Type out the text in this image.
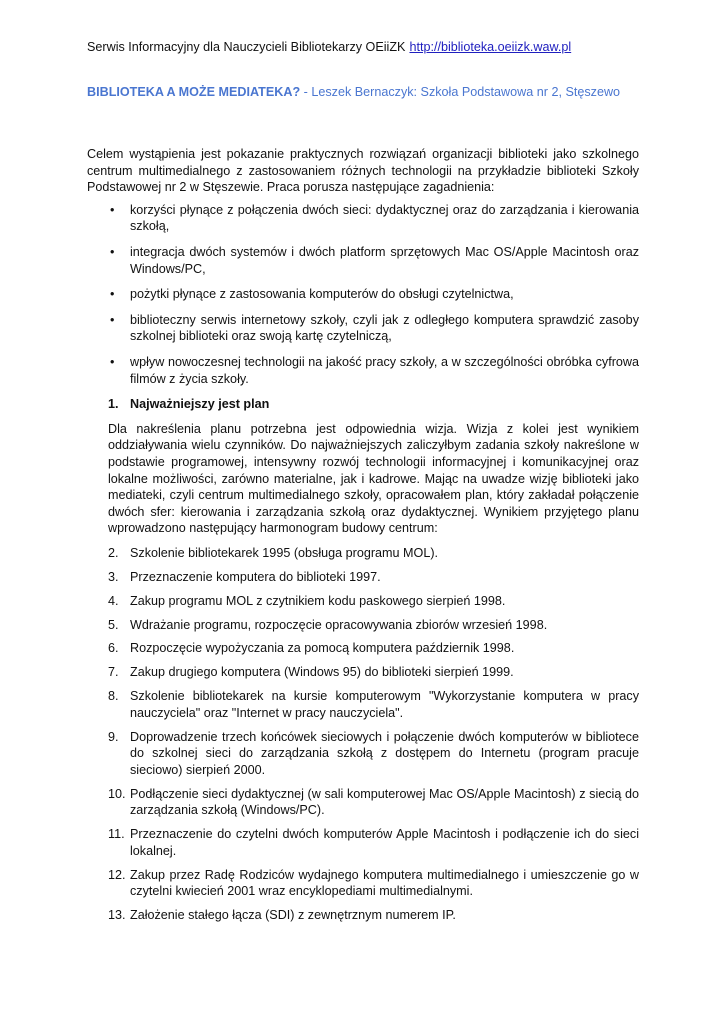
Serwis Informacyjny dla Nauczycieli Bibliotekarzy OEiiZK http://biblioteka.oeiizk.waw.pl
BIBLIOTEKA A MOŻE MEDIATEKA? - Leszek Bernaczyk: Szkoła Podstawowa nr 2, Stęszewo

Celem wystąpienia jest pokazanie praktycznych rozwiązań organizacji biblioteki jako szkolnego centrum multimedialnego z zastosowaniem różnych technologii na przykładzie biblioteki Szkoły Podstawowej nr 2 w Stęszewie. Praca porusza następujące zagadnienia:

• korzyści płynące z połączenia dwóch sieci: dydaktycznej oraz do zarządzania i kierowania szkołą,
• integracja dwóch systemów i dwóch platform sprzętowych Mac OS/Apple Macintosh oraz Windows/PC,
• pożytki płynące z zastosowania komputerów do obsługi czytelnictwa,
• biblioteczny serwis internetowy szkoły, czyli jak z odległego komputera sprawdzić zasoby szkolnej biblioteki oraz swoją kartę czytelniczą,
• wpływ nowoczesnej technologii na jakość pracy szkoły, a w szczególności obróbka cyfrowa filmów z życia szkoły.
1. Najważniejszy jest plan

Dla nakreślenia planu potrzebna jest odpowiednia wizja. Wizja z kolei jest wynikiem oddziaływania wielu czynników. Do najważniejszych zaliczyłbym zadania szkoły nakreślone w podstawie programowej, intensywny rozwój technologii informacyjnej i komunikacyjnej oraz lokalne możliwości, zarówno materialne, jak i kadrowe. Mając na uwadze wizję biblioteki jako mediateki, czyli centrum multimedialnego szkoły, opracowałem plan, który zakładał połączenie dwóch sfer: kierowania i zarządzania szkołą oraz dydaktycznej. Wynikiem przyjętego planu wprowadzono następujący harmonogram budowy centrum:

2. Szkolenie bibliotekarek 1995 (obsługa programu MOL).
3. Przeznaczenie komputera do biblioteki 1997.
4. Zakup programu MOL z czytnikiem kodu paskowego sierpień 1998.
5. Wdrażanie programu, rozpoczęcie opracowywania zbiorów wrzesień 1998.
6. Rozpoczęcie wypożyczania za pomocą komputera październik 1998.
7. Zakup drugiego komputera (Windows 95) do biblioteki sierpień 1999.
8. Szkolenie bibliotekarek na kursie komputerowym "Wykorzystanie komputera w pracy nauczyciela" oraz "Internet w pracy nauczyciela".
9. Doprowadzenie trzech końcówek sieciowych i połączenie dwóch komputerów w bibliotece do szkolnej sieci do zarządzania szkołą z dostępem do Internetu (program pracuje sieciowo) sierpień 2000.
10. Podłączenie sieci dydaktycznej (w sali komputerowej Mac OS/Apple Macintosh) z siecią do zarządzania szkołą (Windows/PC).
11. Przeznaczenie do czytelni dwóch komputerów Apple Macintosh i podłączenie ich do sieci lokalnej.
12. Zakup przez Radę Rodziców wydajnego komputera multimedialnego i umieszczenie go w czytelni kwiecień 2001 wraz encyklopediami multimedialnymi.
13. Założenie stałego łącza (SDI) z zewnętrznym numerem IP.
